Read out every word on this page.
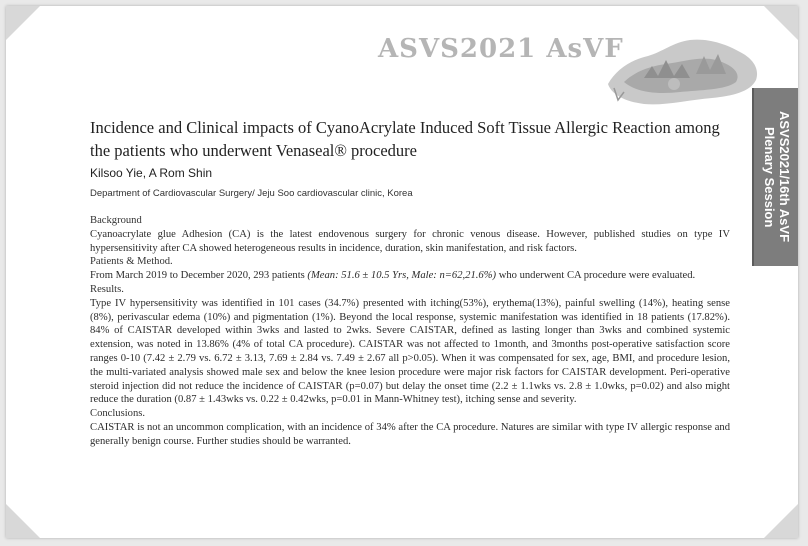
ASVS2021 AsVF
ASVS2021/16th AsVF
Plenary Session
Incidence and Clinical impacts of CyanoAcrylate Induced Soft Tissue Allergic Reaction among the patients who underwent Venaseal® procedure
Kilsoo Yie, A Rom Shin
Department of Cardiovascular Surgery/ Jeju Soo cardiovascular clinic, Korea

Background

Cyanoacrylate glue Adhesion (CA) is the latest endovenous surgery for chronic venous disease. However, published studies on type IV hypersensitivity after CA showed heterogeneous results in incidence, duration, skin manifestation, and risk factors.

Patients & Method.

From March 2019 to December 2020, 293 patients (Mean: 51.6 ± 10.5 Yrs, Male: n=62,21.6%) who underwent CA procedure were evaluated.

Results.

Type IV hypersensitivity was identified in 101 cases (34.7%) presented with itching(53%), erythema(13%), painful swelling (14%), heating sense (8%), perivascular edema (10%) and pigmentation (1%). Beyond the local response, systemic manifestation was identified in 18 patients (17.82%). 84% of CAISTAR developed within 3wks and lasted to 2wks. Severe CAISTAR, defined as lasting longer than 3wks and combined systemic extension, was noted in 13.86% (4% of total CA procedure). CAISTAR was not affected to 1month, and 3months post-operative satisfaction score ranges 0-10 (7.42 ± 2.79 vs. 6.72 ± 3.13, 7.69 ± 2.84 vs. 7.49 ± 2.67 all p>0.05). When it was compensated for sex, age, BMI, and procedure lesion, the multi-variated analysis showed male sex and below the knee lesion procedure were major risk factors for CAISTAR development. Peri-operative steroid injection did not reduce the incidence of CAISTAR (p=0.07) but delay the onset time (2.2 ± 1.1wks vs. 2.8 ± 1.0wks, p=0.02) and also might reduce the duration (0.87 ± 1.43wks vs. 0.22 ± 0.42wks, p=0.01 in Mann-Whitney test), itching sense and severity.

Conclusions.

CAISTAR is not an uncommon complication, with an incidence of 34% after the CA procedure. Natures are similar with type IV allergic response and generally benign course. Further studies should be warranted.
